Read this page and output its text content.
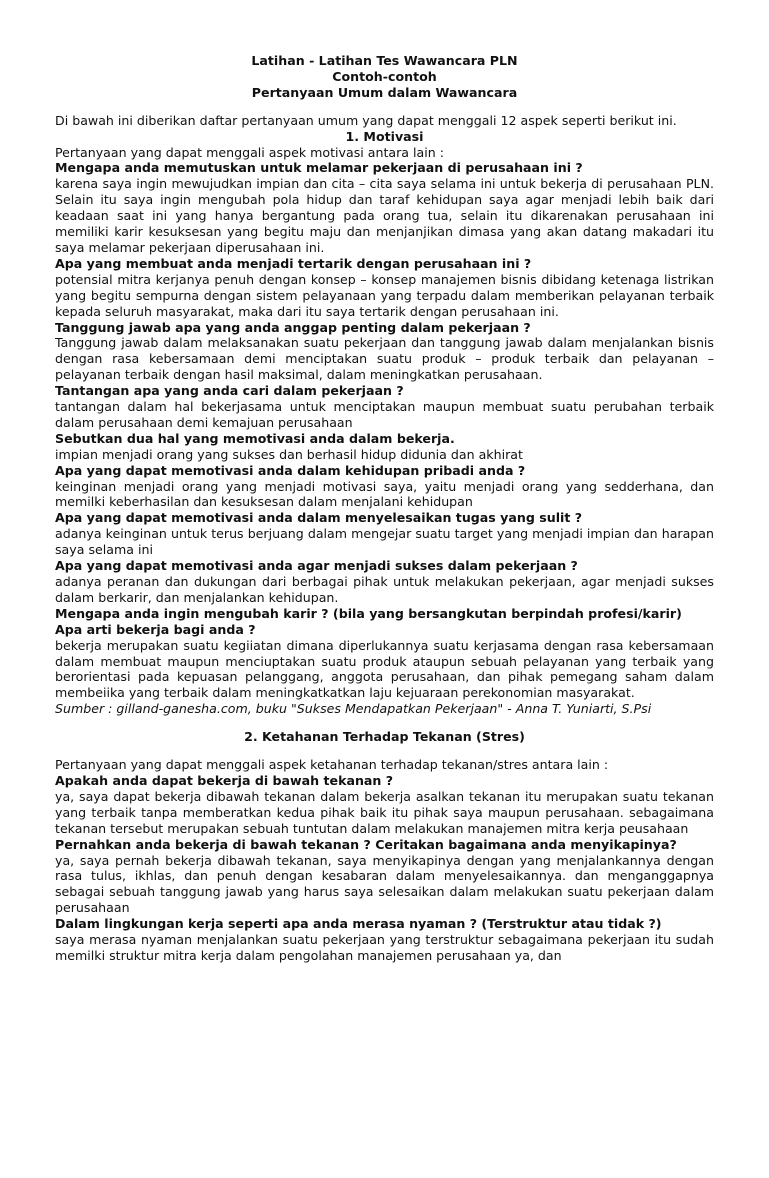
Latihan - Latihan Tes Wawancara PLN
Contoh-contoh
Pertanyaan Umum dalam Wawancara

Di bawah ini diberikan daftar pertanyaan umum yang dapat menggali 12 aspek seperti berikut ini.

1. Motivasi

Pertanyaan yang dapat menggali aspek motivasi antara lain :

Mengapa anda memutuskan untuk melamar pekerjaan di perusahaan ini ?

karena saya ingin mewujudkan impian dan cita – cita saya selama ini untuk bekerja di perusahaan PLN. Selain itu saya ingin mengubah pola hidup dan taraf kehidupan saya agar menjadi lebih baik dari keadaan saat ini yang hanya bergantung pada orang tua, selain itu dikarenakan perusahaan ini memiliki karir kesuksesan yang begitu maju dan menjanjikan dimasa yang akan datang makadari itu saya melamar pekerjaan diperusahaan ini.

Apa yang membuat anda menjadi tertarik dengan perusahaan ini ?

potensial mitra kerjanya penuh dengan konsep – konsep manajemen bisnis dibidang ketenaga listrikan yang begitu sempurna dengan sistem pelayanaan yang terpadu dalam memberikan pelayanan terbaik kepada seluruh masyarakat, maka dari itu saya tertarik dengan perusahaan ini.

Tanggung jawab apa yang anda anggap penting dalam pekerjaan ?

Tanggung jawab dalam melaksanakan suatu pekerjaan dan tanggung jawab dalam menjalankan bisnis dengan rasa kebersamaan demi menciptakan suatu produk – produk terbaik dan pelayanan – pelayanan terbaik dengan hasil maksimal, dalam meningkatkan perusahaan.

Tantangan apa yang anda cari dalam pekerjaan ?

tantangan dalam hal bekerjasama untuk menciptakan maupun membuat suatu perubahan terbaik dalam perusahaan demi kemajuan perusahaan

Sebutkan dua hal yang memotivasi anda dalam bekerja.

impian menjadi orang yang sukses dan berhasil hidup didunia dan akhirat

Apa yang dapat memotivasi anda dalam kehidupan pribadi anda ?

keinginan menjadi orang yang menjadi motivasi saya, yaitu menjadi orang yang sedderhana, dan memilki keberhasilan dan kesuksesan dalam menjalani kehidupan

Apa yang dapat memotivasi anda dalam menyelesaikan tugas yang sulit ?

adanya keinginan untuk terus berjuang dalam mengejar suatu target yang menjadi impian dan harapan saya selama ini

Apa yang dapat memotivasi anda agar menjadi sukses dalam pekerjaan ?

adanya peranan dan dukungan dari berbagai pihak untuk melakukan pekerjaan, agar menjadi sukses dalam berkarir, dan menjalankan kehidupan.

Mengapa anda ingin mengubah karir ? (bila yang bersangkutan berpindah profesi/karir)

Apa arti bekerja bagi anda ?

bekerja merupakan suatu kegiiatan dimana diperlukannya suatu kerjasama dengan rasa kebersamaan dalam membuat maupun menciuptakan suatu produk ataupun sebuah pelayanan yang terbaik yang berorientasi pada kepuasan pelanggang, anggota perusahaan, dan pihak pemegang saham dalam membeiika yang terbaik dalam meningkatkatkan laju kejuaraan perekonomian masyarakat.

Sumber : gilland-ganesha.com, buku "Sukses Mendapatkan Pekerjaan" - Anna T. Yuniarti, S.Psi

2. Ketahanan Terhadap Tekanan (Stres)

Pertanyaan yang dapat menggali aspek ketahanan terhadap tekanan/stres antara lain :

Apakah anda dapat bekerja di bawah tekanan ?

ya, saya dapat bekerja dibawah tekanan dalam bekerja asalkan tekanan itu merupakan suatu tekanan yang terbaik tanpa memberatkan kedua pihak baik itu pihak saya maupun perusahaan. sebagaimana tekanan tersebut merupakan sebuah tuntutan dalam melakukan manajemen mitra kerja peusahaan

Pernahkan anda bekerja di bawah tekanan ? Ceritakan bagaimana anda menyikapinya?

ya, saya pernah bekerja dibawah tekanan, saya menyikapinya dengan yang menjalankannya dengan rasa tulus, ikhlas, dan penuh dengan kesabaran dalam menyelesaikannya. dan menganggapnya sebagai sebuah tanggung jawab yang harus saya selesaikan dalam melakukan suatu pekerjaan dalam perusahaan

Dalam lingkungan kerja seperti apa anda merasa nyaman ? (Terstruktur atau tidak ?)

saya merasa nyaman menjalankan suatu pekerjaan yang terstruktur sebagaimana pekerjaan itu sudah memilki struktur mitra kerja dalam pengolahan manajemen perusahaan ya, dan
